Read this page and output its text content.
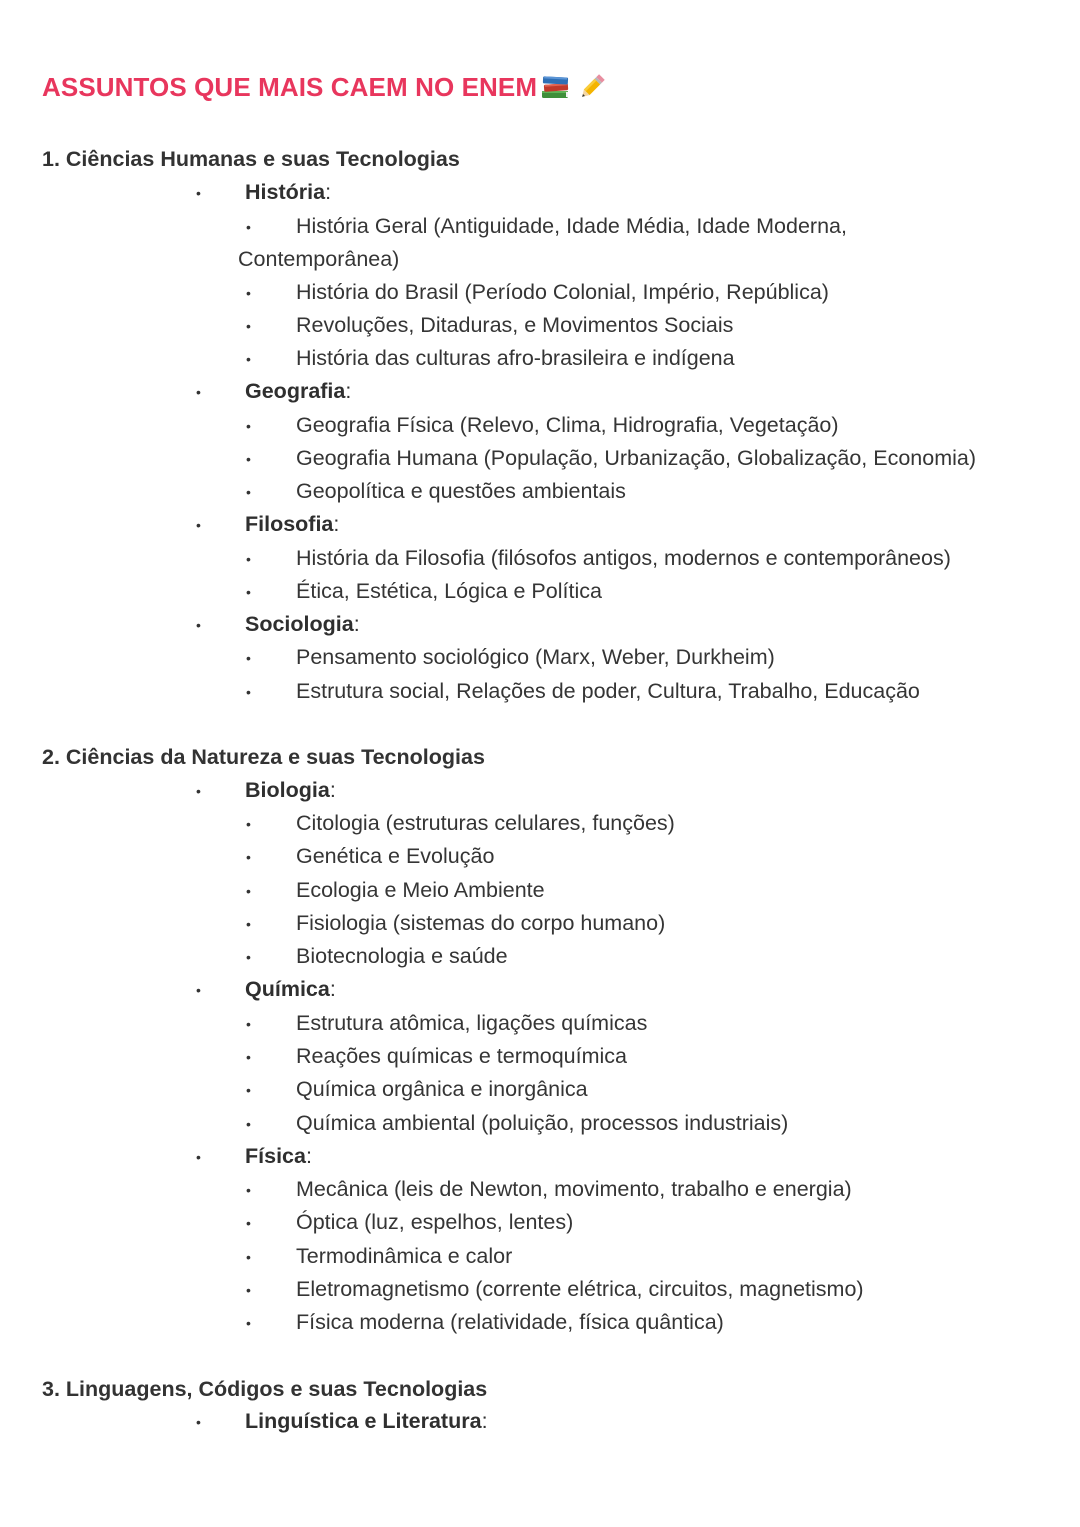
ASSUNTOS QUE MAIS CAEM NO ENEM
1. Ciências Humanas e suas Tecnologias
• História:
• História Geral (Antiguidade, Idade Média, Idade Moderna,
Contemporânea)
• História do Brasil (Período Colonial, Império, República)
• Revoluções, Ditaduras, e Movimentos Sociais
• História das culturas afro-brasileira e indígena
• Geografia:
• Geografia Física (Relevo, Clima, Hidrografia, Vegetação)
• Geografia Humana (População, Urbanização, Globalização, Economia)
• Geopolítica e questões ambientais
• Filosofia:
• História da Filosofia (filósofos antigos, modernos e contemporâneos)
• Ética, Estética, Lógica e Política
• Sociologia:
• Pensamento sociológico (Marx, Weber, Durkheim)
• Estrutura social, Relações de poder, Cultura, Trabalho, Educação
2. Ciências da Natureza e suas Tecnologias
• Biologia:
• Citologia (estruturas celulares, funções)
• Genética e Evolução
• Ecologia e Meio Ambiente
• Fisiologia (sistemas do corpo humano)
• Biotecnologia e saúde
• Química:
• Estrutura atômica, ligações químicas
• Reações químicas e termoquímica
• Química orgânica e inorgânica
• Química ambiental (poluição, processos industriais)
• Física:
• Mecânica (leis de Newton, movimento, trabalho e energia)
• Óptica (luz, espelhos, lentes)
• Termodinâmica e calor
• Eletromagnetismo (corrente elétrica, circuitos, magnetismo)
• Física moderna (relatividade, física quântica)
3. Linguagens, Códigos e suas Tecnologias
• Linguística e Literatura:
